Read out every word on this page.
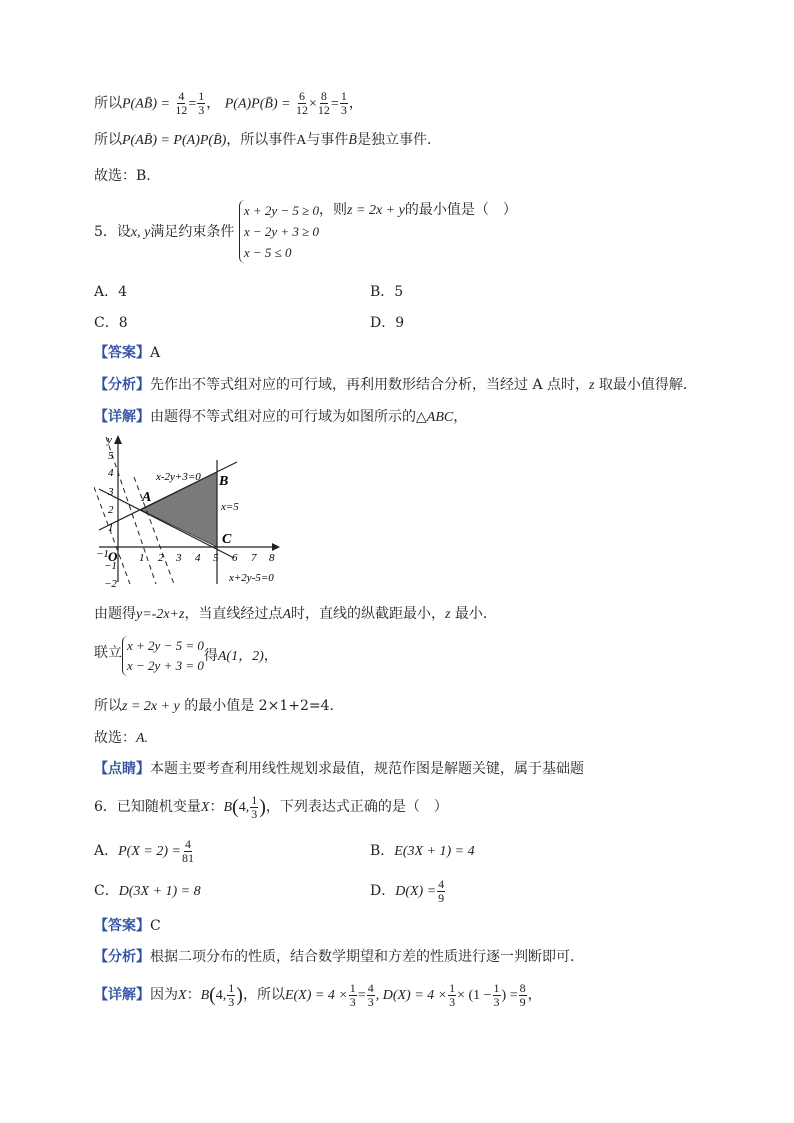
所以P(AB̄) = $\frac{4}{12} = \frac{1}{3}$ ， P(A)P(B̄) = $\frac{6}{12} \times \frac{8}{12} = \frac{1}{3}$ ，
所以P(AB̄) = P(A)P(B̄)，所以事件A与事件B̄是独立事件.
故选：B.
5．设x, y满足约束条件
x + 2y − 5 ≥ 0
x − 2y + 3 ≥ 0
x − 5 ≤ 0
，则z = 2x + y的最小值是（　）
A．4	B．5
C．8	D．9
【答案】A
【分析】先作出不等式组对应的可行域，再利用数形结合分析，当经过 A 点时，z 取最小值得解．
【详解】由题得不等式组对应的可行域为如图所示的△ABC，
y
O
−1	1 2 3 4 5 6 7 8
5
4
3
2
1
−1
−2
x-2y+3=0
x=5
x+2y-5=0
A
B
C
由题得y=-2x+z，当直线经过点A时，直线的纵截距最小，z 最小．
联立 x + 2y − 5 = 0
x − 2y + 3 = 0
得A(1，2)，
所以z = 2x + y 的最小值是 2×1+2=4．
故选：A.
【点睛】本题主要考查利用线性规划求最值，规范作图是解题关键，属于基础题
6．已知随机变量X：B(4, $\frac{1}{3}$ )，下列表达式正确的是（　）
A．$P(X = 2) = \frac{4}{81}$	B．E(3X + 1) = 4
C．D(3X + 1) = 8	D．$D(X) = \frac{4}{9}$
【答案】C
【分析】根据二项分布的性质，结合数学期望和方差的性质进行逐一判断即可.
【详解】因为X：B(4, $\frac{1}{3}$ )，所以$E(X) = 4 \times \frac{1}{3} = \frac{4}{3}$ , $D(X) = 4 \times \frac{1}{3} \times (1 - \frac{1}{3}$ ) = $\frac{8}{9}$ ，
